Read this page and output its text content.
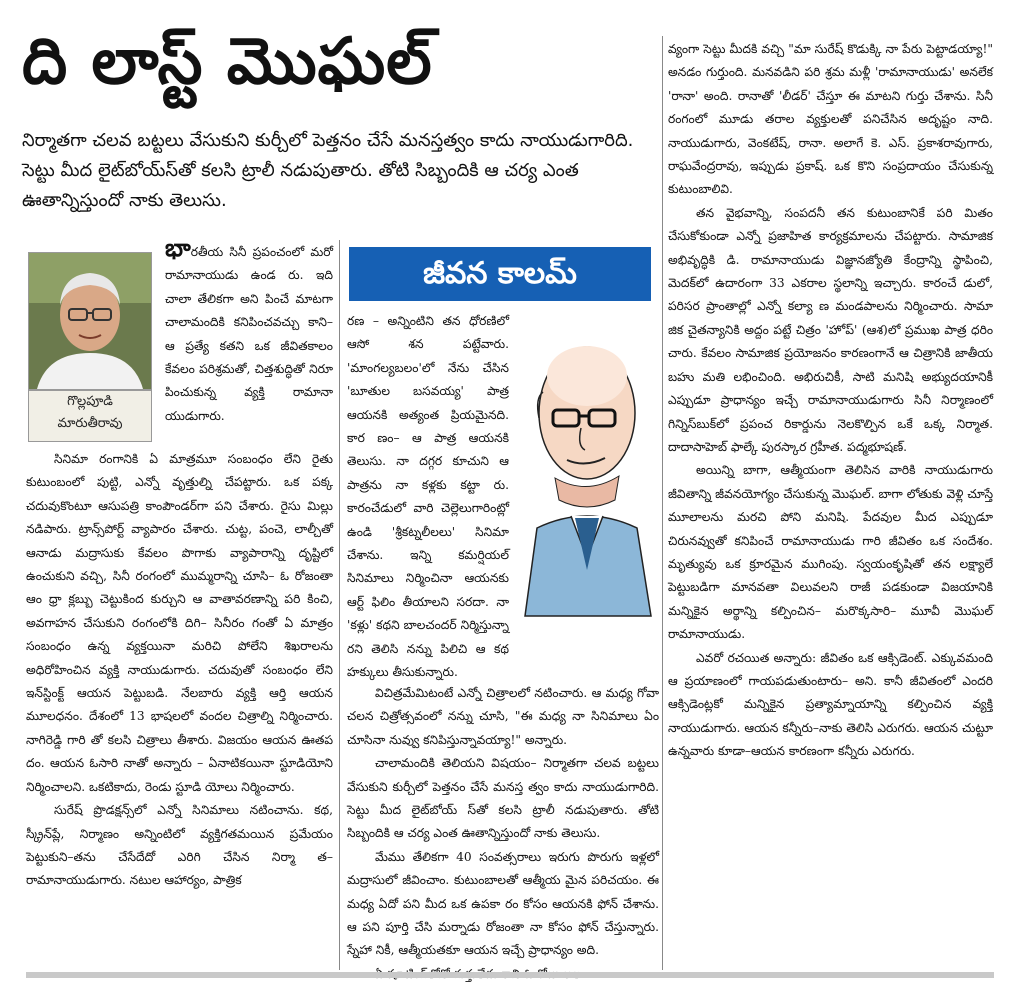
ది లాస్ట్ మొఘల్

నిర్మాతగా చలవ బట్టలు వేసుకుని కుర్చీలో పెత్తనం చేసే మనస్తత్వం కాదు నాయుడుగారిది. సెట్టు మీద లైట్‌బోయ్‌స్‌తో కలసి ట్రాలీ నడుపుతారు. తోటి సిబ్బందికి ఆ చర్య ఎంత ఊతాన్నిస్తుందో నాకు తెలుసు.

గొల్లపూడి
మారుతీరావు
జీవన కాలమ్

భారతీయ సినీ ప్రపంచంలో మరో రామానాయుడు ఉండ రు. ఇది చాలా తేలికగా అని పించే మాటగా చాలామందికి కనిపించవచ్చు కాని– ఆ ప్రత్యే కతని ఒక జీవితకాలం కేవలం పరిశ్రమతో, చిత్తశుద్ధితో నిరూ పించుకున్న వ్యక్తి రామానా యుడుగారు.

సినిమా రంగానికి ఏ మాత్రమూ సంబంధం లేని రైతు కుటుంబంలో పుట్టి, ఎన్నో వృత్తుల్ని చేపట్టారు. ఒక పక్క చదువుకొంటూ ఆసుపత్రి కాంపౌండర్‌గా పని చేశారు. రైసు మిల్లు నడిపారు. ట్రాన్స్‌పోర్ట్ వ్యాపారం చేశారు. చుట్ట, పంచె, లాల్చీతో ఆనాడు మద్రాసుకు కేవలం పొగాకు వ్యాపారాన్ని దృష్టిలో ఉంచుకుని వచ్చి, సినీ రంగంలో ముమ్మరాన్ని చూసి– ఓ రోజంతా ఆం ధ్రా క్లబ్బు చెట్టుకింద కుర్చుని ఆ వాతావరణాన్ని పరి కించి, అవగాహన చేసుకుని రంగంలోకి దిగి– సినీరం గంతో ఏ మాత్రం సంబంధం ఉన్న వ్యక్తయినా మరిచి పోలేని శిఖరాలను అధిరోహించిన వ్యక్తి నాయుడుగారు. చదువుతో సంబంధం లేని ఇన్‌స్టింక్ట్ ఆయన పెట్టుబడి. నేలబారు వ్యక్తి ఆర్తి ఆయన మూలధనం. దేశంలో 13 భాషలలో వందల చిత్రాల్ని నిర్మించారు. నాగిరెడ్డి గారి తో కలసి చిత్రాలు తీశారు. విజయం ఆయన ఊతప దం. ఆయన ఓసారి నాతో అన్నారు – ఏనాటికయినా స్టూడియోని నిర్మించాలని. ఒకటికాదు, రెండు స్టూడి యోలు నిర్మించారు.

సురేష్ ప్రొడక్షన్స్‌లో ఎన్నో సినిమాలు నటించాను. కథ, స్క్రీన్‌ప్లే, నిర్మాణం అన్నింటిలో వ్యక్తిగతమయిన ప్రమేయం పెట్టుకుని–తను చేసేదేదో ఎరిగి చేసిన నిర్మా త–రామానాయుడుగారు. నటుల ఆహార్యం, పాత్రిక

రణ – అన్నింటిని తన ధోరణిలో ఆసో శన పట్టేవారు. 'మాంగల్యబలం'లో నేను చేసిన 'బూతుల బసవయ్య' పాత్ర ఆయనకి అత్యంత ప్రియమైనది. కార ణం– ఆ పాత్ర ఆయనకి తెలుసు. నా దగ్గర కూచుని ఆ పాత్రను నా కళ్లకు కట్టా రు. కారంచేడులో వారి చెల్లెలుగారింట్లో ఉండి 'శ్రీకట్నలీలలు' సినిమా చేశాను. ఇన్ని కమర్షియల్ సినిమాలు నిర్మించినా ఆయనకు ఆర్ట్ ఫిలిం తీయాలని సరదా. నా 'కళ్లు' కథని బాలచందర్ నిర్మిస్తున్నా రని తెలిసి నన్ను పిలిచి ఆ కథ హక్కులు తీసుకున్నారు.

విచిత్రమేమిటంటే ఎన్నో చిత్రాలలో నటించారు. ఆ మధ్య గోవా చలన చిత్రోత్సవంలో నన్ను చూసి, "ఈ మధ్య నా సినిమాలు ఏం చూసినా నువ్వు కనిపిస్తున్నావయ్యా!" అన్నారు.

చాలామందికి తెలియని విషయం– నిర్మాతగా చలవ బట్టలు వేసుకుని కుర్చీలో పెత్తనం చేసే మనస్త త్వం కాదు నాయుడుగారిది. సెట్టు మీద లైట్‌బోయ్ స్‌తో కలసి ట్రాలీ నడుపుతారు. తోటి సిబ్బందికి ఆ చర్య ఎంత ఊతాన్నిస్తుందో నాకు తెలుసు.

మేము తేలికగా 40 సంవత్సరాలు ఇరుగు పొరుగు ఇళ్లలో మద్రాసులో జీవించాం. కుటుంబాలతో ఆత్మీయ మైన పరిచయం. ఈ మధ్య ఏదో పని మీద ఒక ఉపకా రం కోసం ఆయనకి ఫోన్ చేశాను. ఆ పని పూర్తి చేసి మర్నాడు రోజంతా నా కోసం ఫోన్ చేస్తున్నారు. స్నేహా నికీ, ఆత్మీయతకూ ఆయన ఇచ్చే ప్రాధాన్యం అది.

వ్యంగా సెట్టు మీదకి వచ్చి "మా సురేష్ కొడుక్కి నా పేరు పెట్టాడయ్యా!" అనడం గుర్తుంది. మనవడిని పరి శ్రమ మళ్లీ 'రామానాయుడు' అనలేక 'రానా' అంది. రానాతో 'లీడర్' చేస్తూ ఈ మాటని గుర్తు చేశాను. సినీ రంగంలో మూడు తరాల వ్యక్తులతో పనిచేసిన అదృష్టం నాది. నాయుడుగారు, వెంకటేష్, రానా. అలాగే కె. ఎస్. ప్రకాశరావుగారు, రాఘవేంద్రరావు, ఇప్పుడు ప్రకాష్. ఒక కొని సంప్రదాయం చేసుకున్న కుటుంబాలివి.

తన వైభవాన్ని, సంపదనీ తన కుటుంబానికే పరి మితం చేసుకోకుండా ఎన్నో ప్రజాహిత కార్యక్రమాలను చేపట్టారు. సామాజిక అభివృద్ధికి డి. రామానాయుడు విజ్ఞానజ్యోతి కేంద్రాన్ని స్థాపించి, మెదక్‌లో ఉదారంగా 33 ఎకరాల స్థలాన్ని ఇచ్చారు. కారంచే డులో, పరిసర ప్రాంతాల్లో ఎన్నో కల్యా ణ మండపాలను నిర్మించారు. సామా జిక చైతన్యానికి అద్దం పట్టే చిత్రం 'హోప్' (ఆశ)లో ప్రముఖ పాత్ర ధరిం చారు. కేవలం సామాజిక ప్రయోజనం కారణంగానే ఆ చిత్రానికి జాతీయ బహు మతి లభించింది. అభిరుచికీ, సాటి మనిషి అభ్యుదయానికీ ఎప్పుడూ ప్రాధాన్యం ఇచ్చే రామానాయుడుగారు సినీ నిర్మాణంలో గిన్నిస్‌బుక్‌లో ప్రపంచ రికార్డును నెలకొల్పిన ఒకే ఒక్క నిర్మాత. దాదాసాహెబ్ ఫాల్కే పురస్కార గ్రహీత. పద్మభూషణ్.

అయిన్ని బాగా, ఆత్మీయంగా తెలిసిన వారికి నాయుడుగారు జీవితాన్ని జీవనయోగ్యం చేసుకున్న మొఘల్. బాగా లోతుకు వెళ్లి చూస్తే మూలాలను మరచి పోని మనిషి. పేదవుల మీద ఎప్పుడూ చిరునవ్వుతో కనిపించే రామానాయుడు గారి జీవితం ఒక సందేశం. మృత్యువు ఒక క్రూరమైన ముగింపు. స్వయంకృషితో తన లక్ష్యాలే పెట్టుబడిగా మానవతా విలువలని రాజీ పడకుండా విజయానికి మన్నికైన అర్థాన్ని కల్పించిన– మరొక్కసారి– మూవీ మొఘల్ రామానాయుడు.

ఎవరో రచయిత అన్నారు: జీవితం ఒక ఆక్సిడెంట్. ఎక్కువమంది ఆ ప్రయాణంలో గాయపడుతుంటారు– అని. కానీ జీవితంలో ఎందరి ఆక్సిడెంట్లకో మన్నికైన ప్రత్యామ్నాయాన్ని కల్పించిన వ్యక్తి నాయుడుగారు. ఆయన కన్నీరు–నాకు తెలిసి ఎరుగరు. ఆయన చుట్టూ ఉన్నవారు కూడా–ఆయన కారణంగా కన్నీరు ఎరుగరు.
